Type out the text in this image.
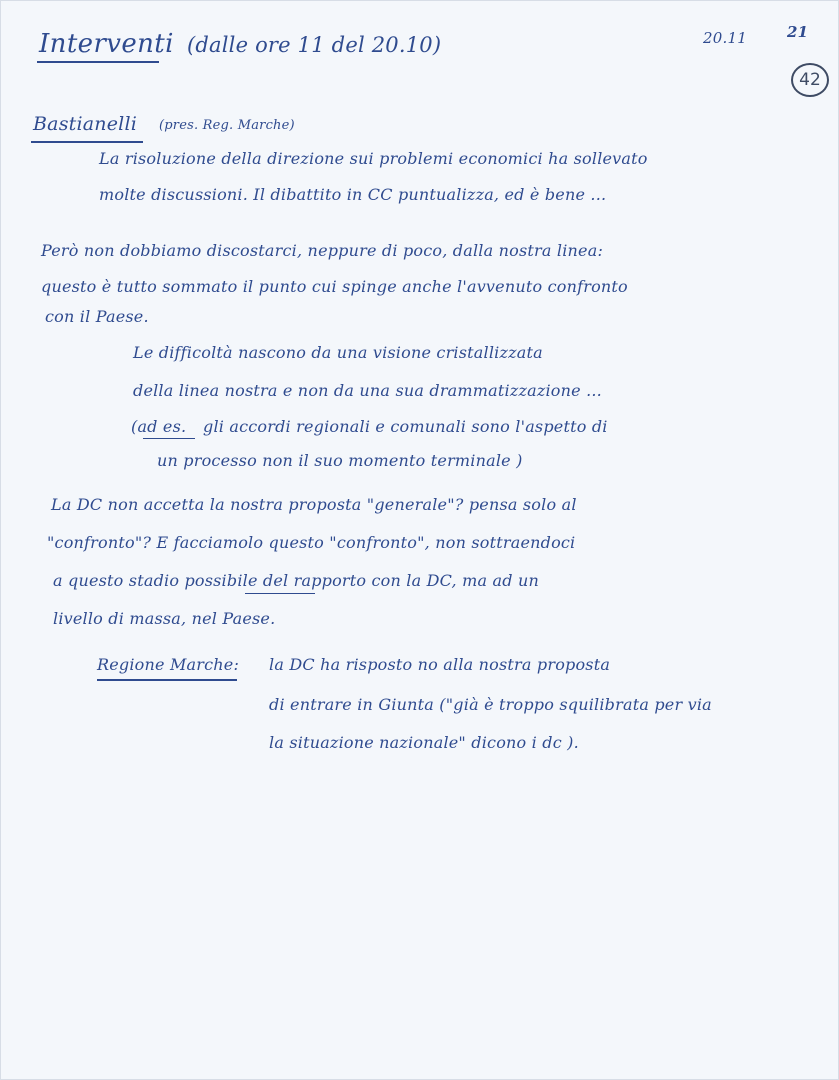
Interventi (dalle ore 11 del 20.10)	20.11	21
42
Bastianelli (pres. Reg. Marche)
La risoluzione della direzione sui problemi economici ha sollevato
molte discussioni. Il dibattito in CC puntualizza, ed è bene ...
Però non dobbiamo discostarci, neppure di poco, dalla nostra linea:
questo è tutto sommato il punto cui spinge anche l'avvenuto confronto
con il Paese.
Le difficoltà nascono da una visione cristallizzata
della linea nostra e non da una sua drammatizzazione ...
(ad es. gli accordi regionali e comunali sono l'aspetto di
un processo non il suo momento terminale )
La DC non accetta la nostra proposta "generale"? pensa solo al
"confronto"? E facciamolo questo "confronto", non sottraendoci
a questo stadio possibile del rapporto con la DC, ma ad un
livello di massa, nel Paese.
Regione Marche: la DC ha risposto no alla nostra proposta
di entrare in Giunta ("già è troppo squilibrata per via
la situazione nazionale" dicono i dc ).
